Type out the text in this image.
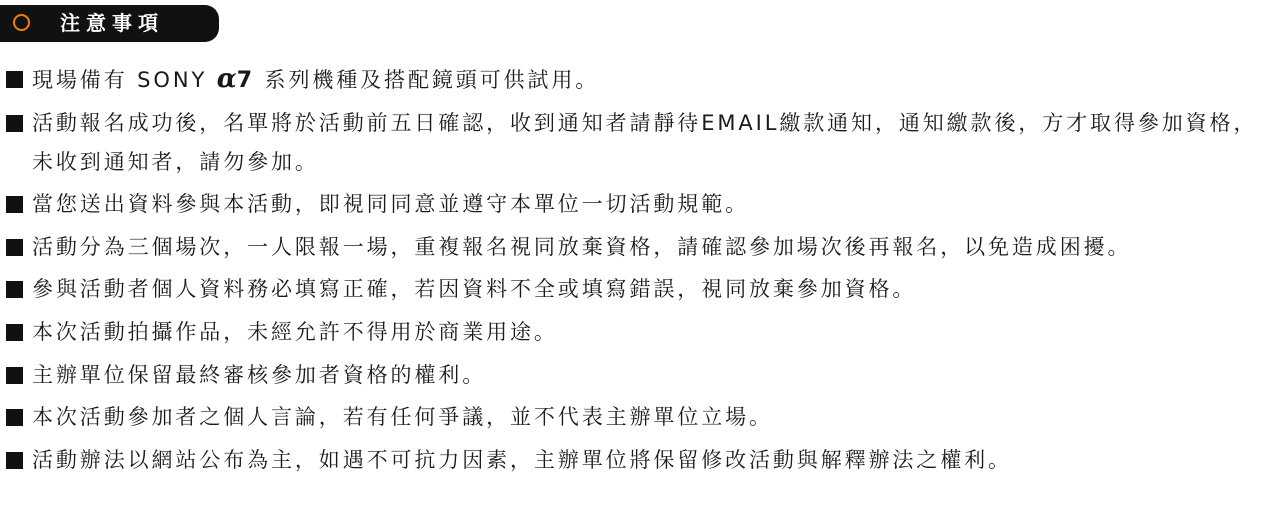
注意事項
現場備有 SONY α7 系列機種及搭配鏡頭可供試用。
活動報名成功後，名單將於活動前五日確認，收到通知者請靜待EMAIL繳款通知，通知繳款後，方才取得參加資格，未收到通知者，請勿參加。
當您送出資料參與本活動，即視同同意並遵守本單位一切活動規範。
活動分為三個場次，一人限報一場，重複報名視同放棄資格，請確認參加場次後再報名，以免造成困擾。
參與活動者個人資料務必填寫正確，若因資料不全或填寫錯誤，視同放棄參加資格。
本次活動拍攝作品，未經允許不得用於商業用途。
主辦單位保留最終審核參加者資格的權利。
本次活動參加者之個人言論，若有任何爭議，並不代表主辦單位立場。
活動辦法以網站公布為主，如遇不可抗力因素，主辦單位將保留修改活動與解釋辦法之權利。
